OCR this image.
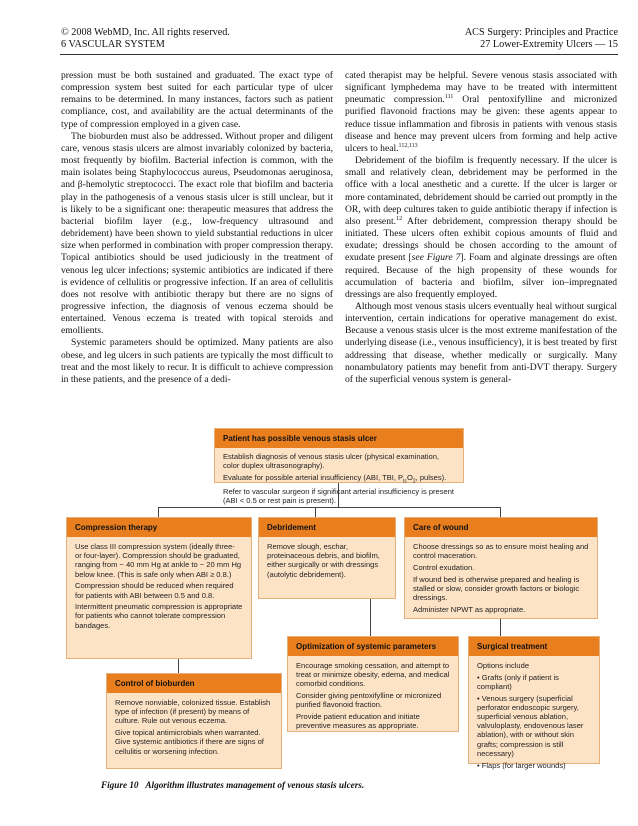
© 2008 WebMD, Inc. All rights reserved.
6 VASCULAR SYSTEM
ACS Surgery: Principles and Practice
27 Lower-Extremity Ulcers — 15

pression must be both sustained and graduated. The exact type of compression system best suited for each particular type of ulcer remains to be determined. In many instances, factors such as patient compliance, cost, and availability are the actual determinants of the type of compression employed in a given case.

The bioburden must also be addressed. Without proper and diligent care, venous stasis ulcers are almost invariably colonized by bacteria, most frequently by biofilm. Bacterial infection is common, with the main isolates being Staphylococcus aureus, Pseudomonas aeruginosa, and β-hemolytic streptococci. The exact role that biofilm and bacteria play in the pathogenesis of a venous stasis ulcer is still unclear, but it is likely to be a significant one: therapeutic measures that address the bacterial biofilm layer (e.g., low-frequency ultrasound and debridement) have been shown to yield substantial reductions in ulcer size when performed in combination with proper compression therapy. Topical antibiotics should be used judiciously in the treatment of venous leg ulcer infections; systemic antibiotics are indicated if there is evidence of cellulitis or progressive infection. If an area of cellulitis does not resolve with antibiotic therapy but there are no signs of progressive infection, the diagnosis of venous eczema should be entertained. Venous eczema is treated with topical steroids and emollients.

Systemic parameters should be optimized. Many patients are also obese, and leg ulcers in such patients are typically the most difficult to treat and the most likely to recur. It is difficult to achieve compression in these patients, and the presence of a dedi-

cated therapist may be helpful. Severe venous stasis associated with significant lymphedema may have to be treated with intermittent pneumatic compression.$^{111}$ Oral pentoxifylline and micronized purified flavonoid fractions may be given: these agents appear to reduce tissue inflammation and fibrosis in patients with venous stasis disease and hence may prevent ulcers from forming and help active ulcers to heal.$^{112,113}$

Debridement of the biofilm is frequently necessary. If the ulcer is small and relatively clean, debridement may be performed in the office with a local anesthetic and a curette. If the ulcer is larger or more contaminated, debridement should be carried out promptly in the OR, with deep cultures taken to guide antibiotic therapy if infection is also present.$^{12}$ After debridement, compression therapy should be initiated. These ulcers often exhibit copious amounts of fluid and exudate; dressings should be chosen according to the amount of exudate present [see Figure 7]. Foam and alginate dressings are often required. Because of the high propensity of these wounds for accumulation of bacteria and biofilm, silver ion–impregnated dressings are also frequently employed.

Although most venous stasis ulcers eventually heal without surgical intervention, certain indications for operative management do exist. Because a venous stasis ulcer is the most extreme manifestation of the underlying disease (i.e., venous insufficiency), it is best treated by first addressing that disease, whether medically or surgically. Many nonambulatory patients may benefit from anti-DVT therapy. Surgery of the superficial venous system is general-

Patient has possible venous stasis ulcer
Establish diagnosis of venous stasis ulcer (physical examination, color duplex ultrasonography).
Evaluate for possible arterial insufficiency (ABI, TBI, $P_{tc}O_2$, pulses). Refer to vascular surgeon if significant arterial insufficiency is present (ABI < 0.5 or rest pain is present).
Compression therapy
Use class III compression system (ideally three- or four-layer). Compression should be graduated, ranging from ~ 40 mm Hg at ankle to ~ 20 mm Hg below knee. (This is safe only when ABI ≥ 0.8.)
Compression should be reduced when required for patients with ABI between 0.5 and 0.8.
Intermittent pneumatic compression is appropriate for patients who cannot tolerate compression bandages.
Debridement
Remove slough, eschar, proteinaceous debris, and biofilm, either surgically or with dressings (autolytic debridement).
Care of wound
Choose dressings so as to ensure moist healing and control maceration.
Control exudation.
If wound bed is otherwise prepared and healing is stalled or slow, consider growth factors or biologic dressings.
Administer NPWT as appropriate.
Optimization of systemic parameters
Encourage smoking cessation, and attempt to treat or minimize obesity, edema, and medical comorbid conditions.
Consider giving pentoxifylline or micronized purified flavonoid fraction.
Provide patient education and initiate preventive measures as appropriate.
Surgical treatment
Options include
• Grafts (only if patient is compliant)
• Venous surgery (superficial perforator endoscopic surgery, superficial venous ablation, valvuloplasty, endovenous laser ablation), with or without skin grafts; compression is still necessary)
• Flaps (for larger wounds)
Control of bioburden
Remove nonviable, colonized tissue. Establish type of infection (if present) by means of culture. Rule out venous eczema.
Give topical antimicrobials when warranted. Give systemic antibiotics if there are signs of cellulitis or worsening infection.
Figure 10 Algorithm illustrates management of venous stasis ulcers.
